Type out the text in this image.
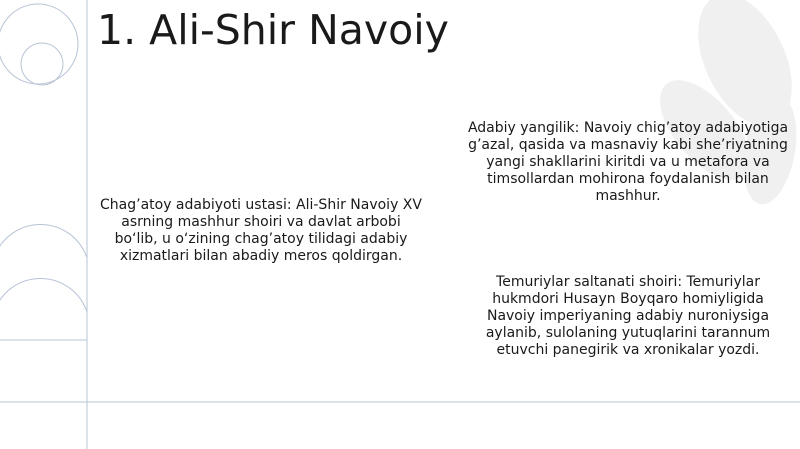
1. Ali-Shir Navoiy

Chag’atoy adabiyoti ustasi: Ali-Shir Navoiy XV asrning mashhur shoiri va davlat arbobi bo‘lib, u o‘zining chag’atoy tilidagi adabiy xizmatlari bilan abadiy meros qoldirgan.

Adabiy yangilik: Navoiy chig’atoy adabiyotiga g’azal, qasida va masnaviy kabi she’riyatning yangi shakllarini kiritdi va u metafora va timsollardan mohirona foydalanish bilan mashhur.

Temuriylar saltanati shoiri: Temuriylar hukmdori Husayn Boyqaro homiyligida Navoiy imperiyaning adabiy nuroniysiga aylanib, sulolaning yutuqlarini tarannum etuvchi panegirik va xronikalar yozdi.
